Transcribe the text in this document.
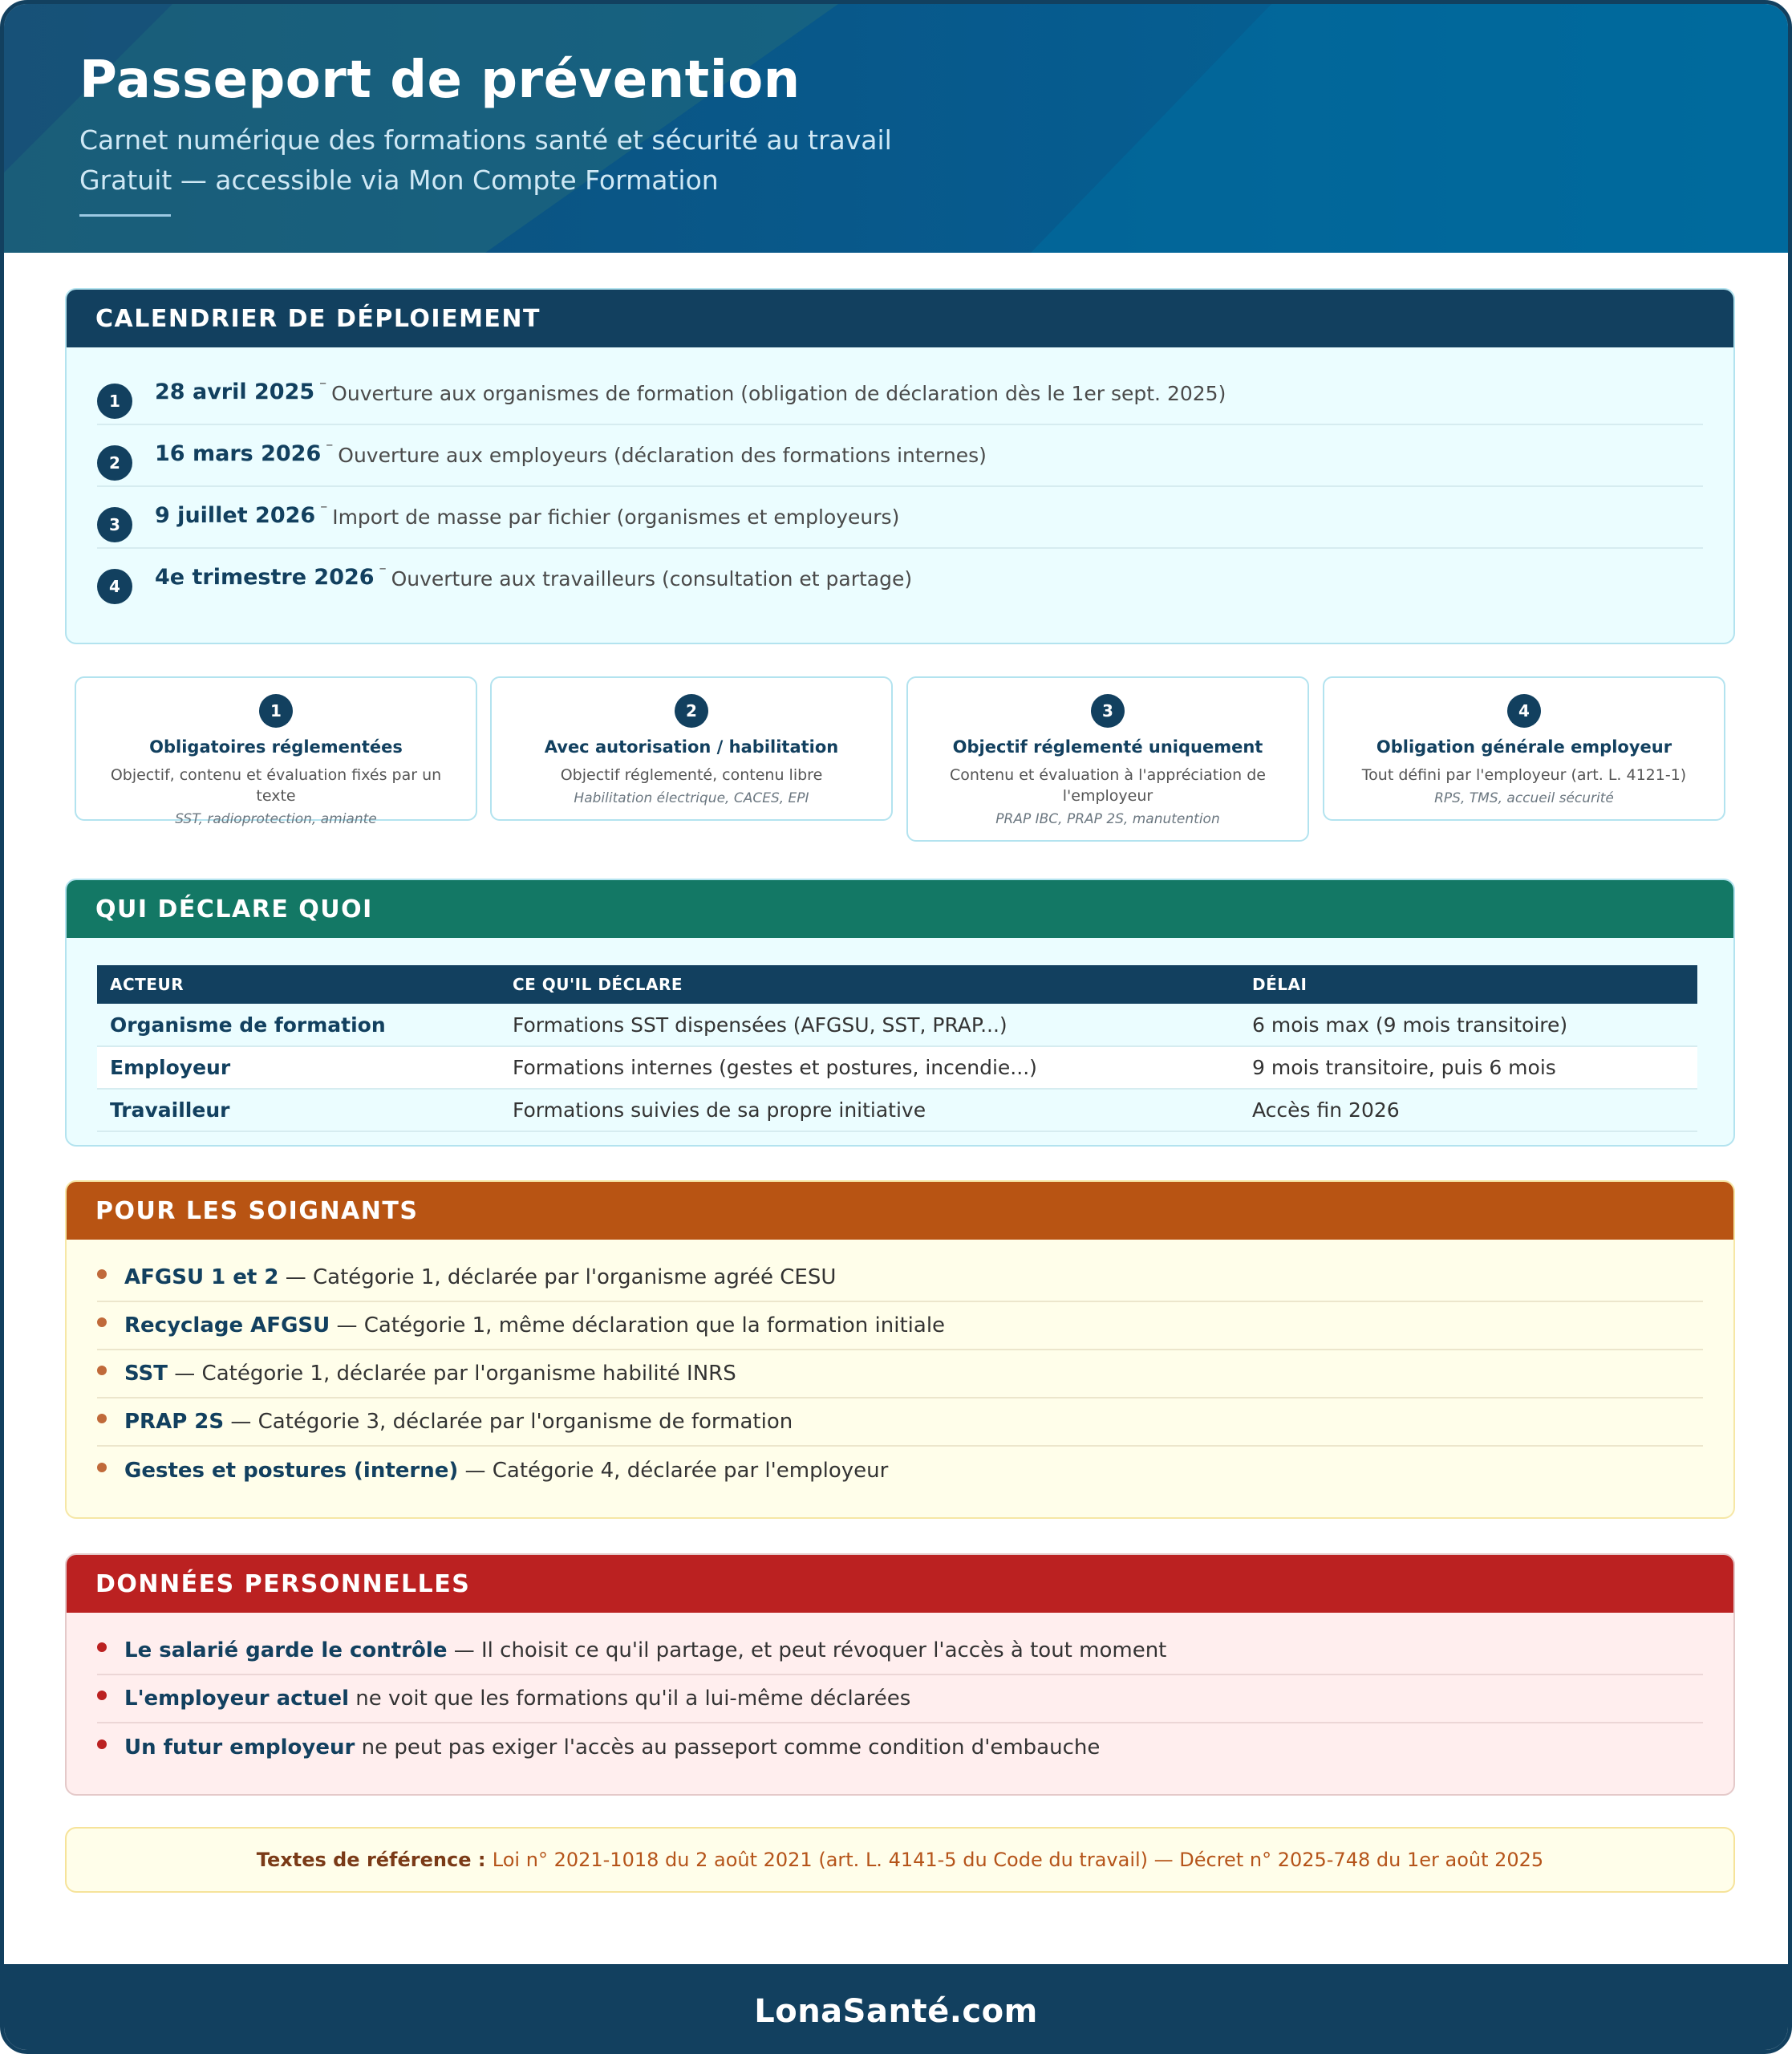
Passeport de prévention
Carnet numérique des formations santé et sécurité au travail
Gratuit — accessible via Mon Compte Formation
CALENDRIER DE DÉPLOIEMENT
1	28 avril 2025 – Ouverture aux organismes de formation (obligation de déclaration dès le 1er sept. 2025)
2	16 mars 2026 – Ouverture aux employeurs (déclaration des formations internes)
3	9 juillet 2026 – Import de masse par fichier (organismes et employeurs)
4	4e trimestre 2026 – Ouverture aux travailleurs (consultation et partage)
1
Obligatoires réglementées
Objectif, contenu et évaluation fixés par un texte
SST, radioprotection, amiante
2
Avec autorisation / habilitation
Objectif réglementé, contenu libre
Habilitation électrique, CACES, EPI
3
Objectif réglementé uniquement
Contenu et évaluation à l'appréciation de l'employeur
PRAP IBC, PRAP 2S, manutention
4
Obligation générale employeur
Tout défini par l'employeur (art. L. 4121-1)
RPS, TMS, accueil sécurité
QUI DÉCLARE QUOI
ACTEUR	CE QU'IL DÉCLARE	DÉLAI
Organisme de formation	Formations SST dispensées (AFGSU, SST, PRAP...)	6 mois max (9 mois transitoire)
Employeur	Formations internes (gestes et postures, incendie...)	9 mois transitoire, puis 6 mois
Travailleur	Formations suivies de sa propre initiative	Accès fin 2026
POUR LES SOIGNANTS
AFGSU 1 et 2 — Catégorie 1, déclarée par l'organisme agréé CESU
Recyclage AFGSU — Catégorie 1, même déclaration que la formation initiale
SST — Catégorie 1, déclarée par l'organisme habilité INRS
PRAP 2S — Catégorie 3, déclarée par l'organisme de formation
Gestes et postures (interne) — Catégorie 4, déclarée par l'employeur
DONNÉES PERSONNELLES
Le salarié garde le contrôle — Il choisit ce qu'il partage, et peut révoquer l'accès à tout moment
L'employeur actuel ne voit que les formations qu'il a lui-même déclarées
Un futur employeur ne peut pas exiger l'accès au passeport comme condition d'embauche
Textes de référence : Loi n° 2021-1018 du 2 août 2021 (art. L. 4141-5 du Code du travail) — Décret n° 2025-748 du 1er août 2025
LonaSanté.com
